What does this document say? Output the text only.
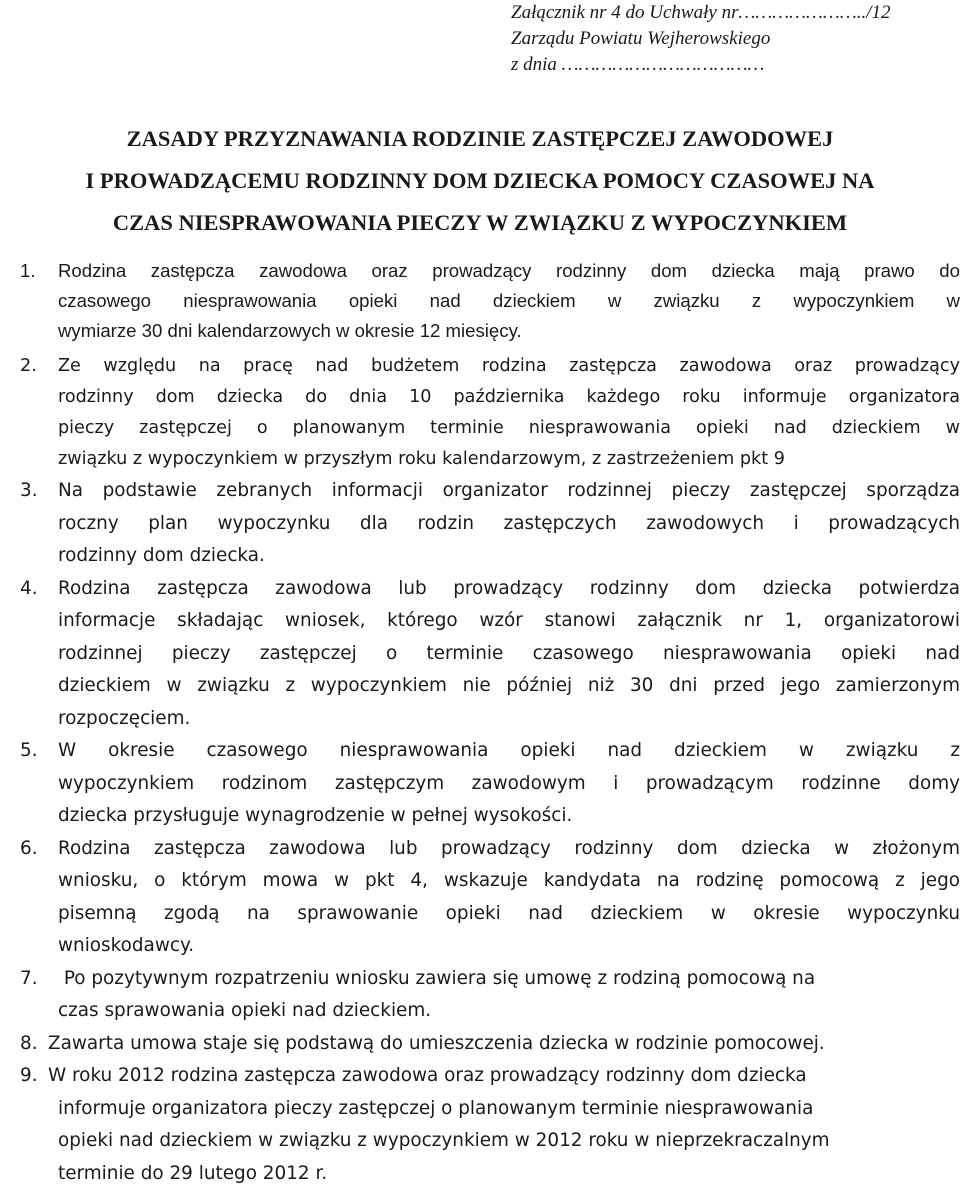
Załącznik nr 4 do Uchwały nr…………………../12
Zarządu Powiatu Wejherowskiego
z dnia ………………………………
ZASADY PRZYZNAWANIA RODZINIE ZASTĘPCZEJ ZAWODOWEJ
I PROWADZĄCEMU RODZINNY DOM DZIECKA POMOCY CZASOWEJ NA
CZAS NIESPRAWOWANIA PIECZY W ZWIĄZKU Z WYPOCZYNKIEM
1. Rodzina zastępcza zawodowa oraz prowadzący rodzinny dom dziecka mają prawo do
czasowego niesprawowania opieki nad dzieckiem w związku z wypoczynkiem w
wymiarze 30 dni kalendarzowych w okresie 12 miesięcy.
2. Ze względu na pracę nad budżetem rodzina zastępcza zawodowa oraz prowadzący
rodzinny dom dziecka do dnia 10 października każdego roku informuje organizatora
pieczy zastępczej o planowanym terminie niesprawowania opieki nad dzieckiem w
związku z wypoczynkiem w przyszłym roku kalendarzowym, z zastrzeżeniem pkt 9
3. Na podstawie zebranych informacji organizator rodzinnej pieczy zastępczej sporządza
roczny plan wypoczynku dla rodzin zastępczych zawodowych i prowadzących
rodzinny dom dziecka.
4. Rodzina zastępcza zawodowa lub prowadzący rodzinny dom dziecka potwierdza
informacje składając wniosek, którego wzór stanowi załącznik nr 1, organizatorowi
rodzinnej pieczy zastępczej o terminie czasowego niesprawowania opieki nad
dzieckiem w związku z wypoczynkiem nie później niż 30 dni przed jego zamierzonym
rozpoczęciem.
5. W okresie czasowego niesprawowania opieki nad dzieckiem w związku z
wypoczynkiem rodzinom zastępczym zawodowym i prowadzącym rodzinne domy
dziecka przysługuje wynagrodzenie w pełnej wysokości.
6. Rodzina zastępcza zawodowa lub prowadzący rodzinny dom dziecka w złożonym
wniosku, o którym mowa w pkt 4, wskazuje kandydata na rodzinę pomocową z jego
pisemną zgodą na sprawowanie opieki nad dzieckiem w okresie wypoczynku
wnioskodawcy.
7. Po pozytywnym rozpatrzeniu wniosku zawiera się umowę z rodziną pomocową na
czas sprawowania opieki nad dzieckiem.
8. Zawarta umowa staje się podstawą do umieszczenia dziecka w rodzinie pomocowej.
9. W roku 2012 rodzina zastępcza zawodowa oraz prowadzący rodzinny dom dziecka
informuje organizatora pieczy zastępczej o planowanym terminie niesprawowania
opieki nad dzieckiem w związku z wypoczynkiem w 2012 roku w nieprzekraczalnym
terminie do 29 lutego 2012 r.
